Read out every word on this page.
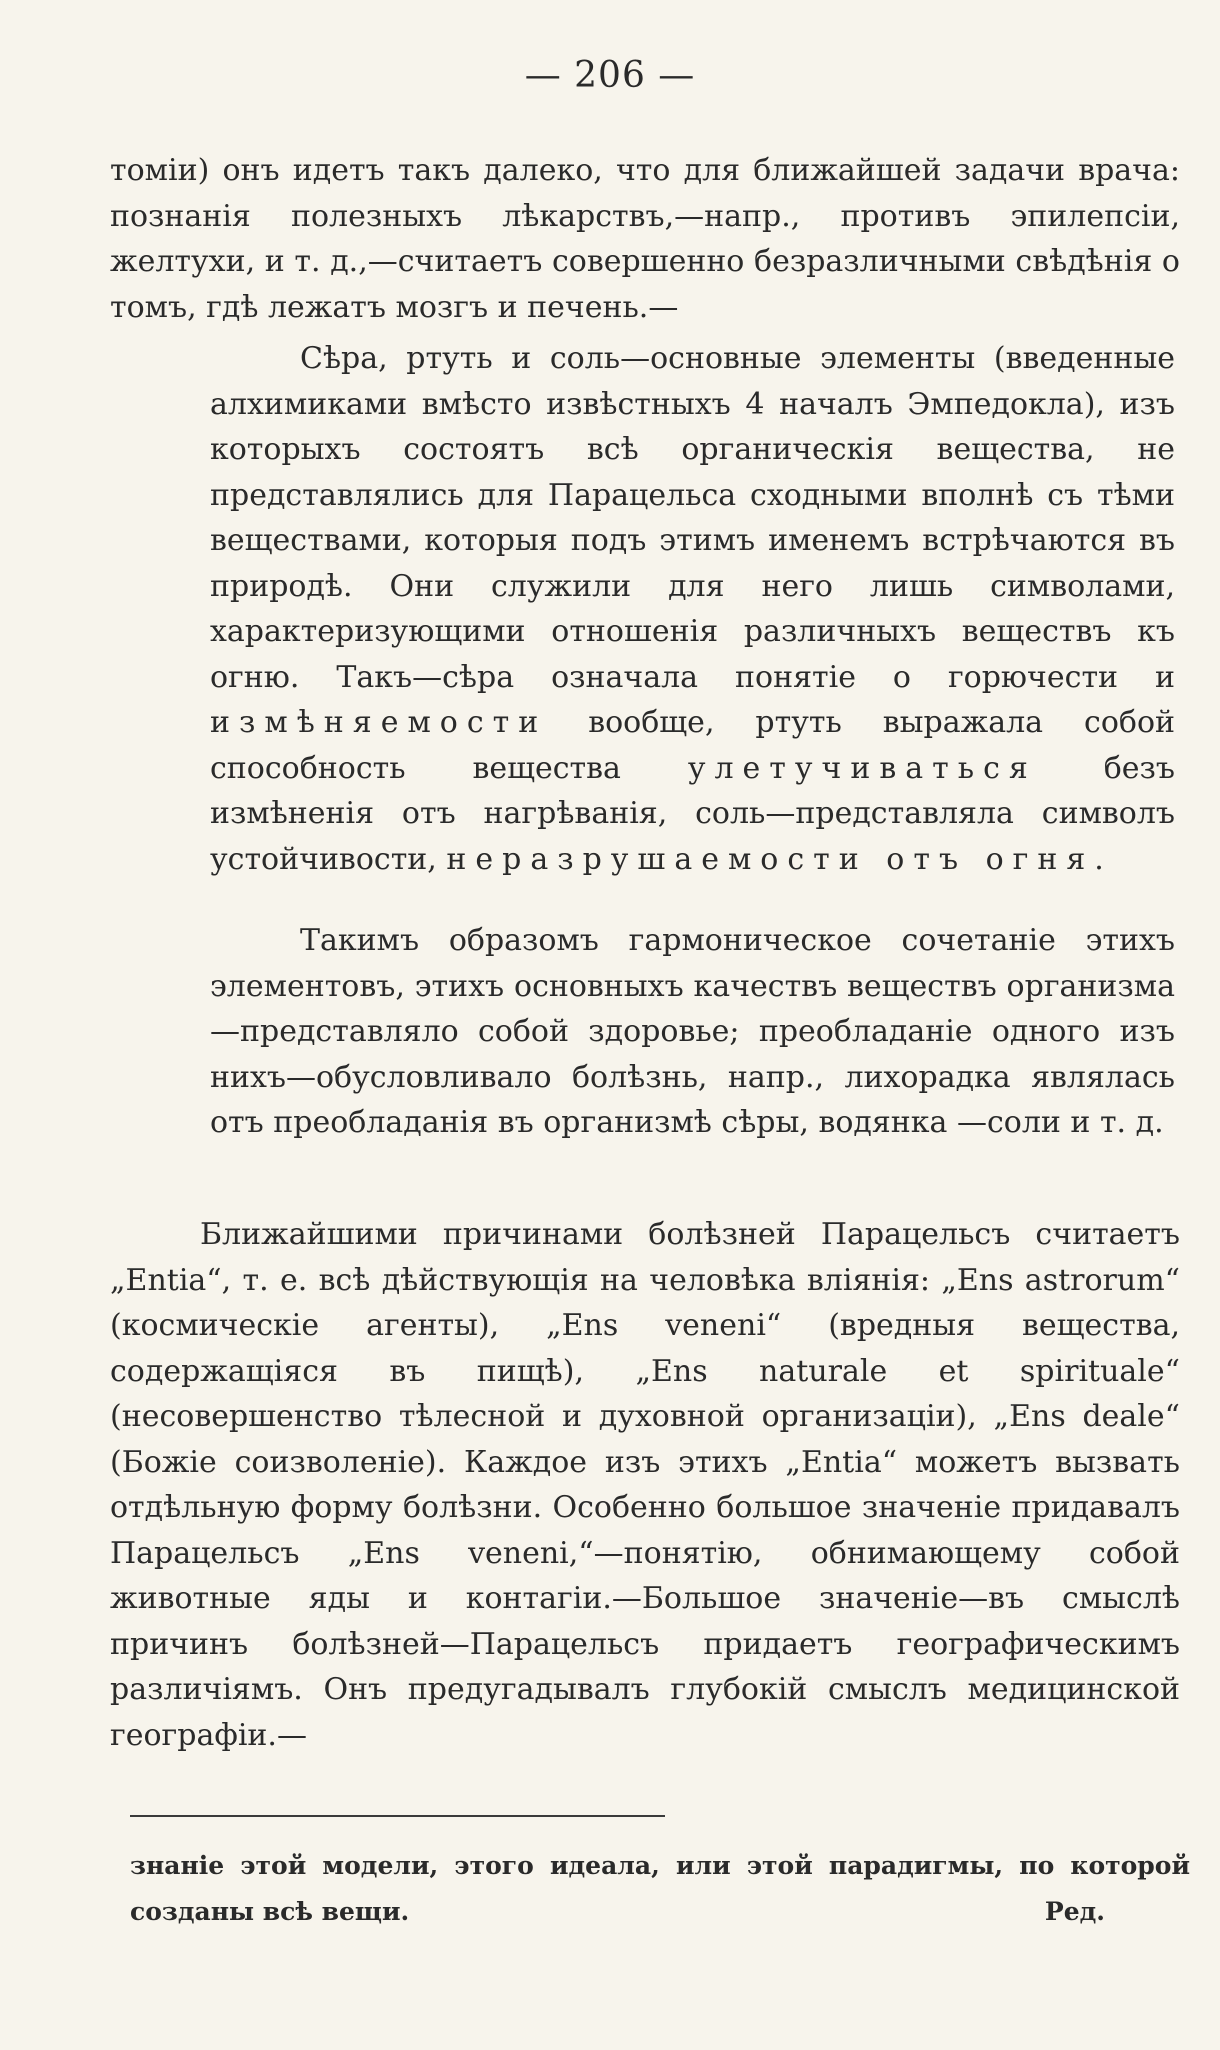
— 206 —

томіи) онъ идетъ такъ далеко, что для ближайшей задачи врача: познанія полезныхъ лѣкарствъ,—напр., противъ эпилепсіи, желтухи, и т. д.,—считаетъ совершенно безразличными свѣдѣнія о томъ, гдѣ лежатъ мозгъ и печень.—

Сѣра, ртуть и соль—основные элементы (введенные алхимиками вмѣсто извѣстныхъ 4 началъ Эмпедокла), изъ которыхъ состоятъ всѣ органическія вещества, не представлялись для Парацельса сходными вполнѣ съ тѣми веществами, которыя подъ этимъ именемъ встрѣчаются въ природѣ. Они служили для него лишь символами, характеризующими отношенія различныхъ веществъ къ огню. Такъ—сѣра означала понятіе о горючести и измѣняемости вообще, ртуть выражала собой способность вещества улетучиваться безъ измѣненія отъ нагрѣванія, соль—представляла символъ устойчивости, неразрушаемости отъ огня.

Такимъ образомъ гармоническое сочетаніе этихъ элементовъ, этихъ основныхъ качествъ веществъ организма—представляло собой здоровье; преобладаніе одного изъ нихъ—обусловливало болѣзнь, напр., лихорадка являлась отъ преобладанія въ организмѣ сѣры, водянка —соли и т. д.

Ближайшими причинами болѣзней Парацельсъ считаетъ „Entia“, т. е. всѣ дѣйствующія на человѣка вліянія: „Ens astrorum“ (космическіе агенты), „Ens veneni“ (вредныя вещества, содержащіяся въ пищѣ), „Ens naturale et spirituale“ (несовершенство тѣлесной и духовной организаціи), „Ens deale“ (Божіе соизволеніе). Каждое изъ этихъ „Entia“ можетъ вызвать отдѣльную форму болѣзни. Особенно большое значеніе придавалъ Парацельсъ „Ens veneni,“—понятію, обнимающему собой животные яды и контагіи.—Большое значеніе—въ смыслѣ причинъ болѣзней—Парацельсъ придаетъ географическимъ различіямъ. Онъ предугадывалъ глубокій смыслъ медицинской географіи.—

знаніе этой модели, этого идеала, или этой парадигмы, по которой созданы всѣ вещи.	Ред.
